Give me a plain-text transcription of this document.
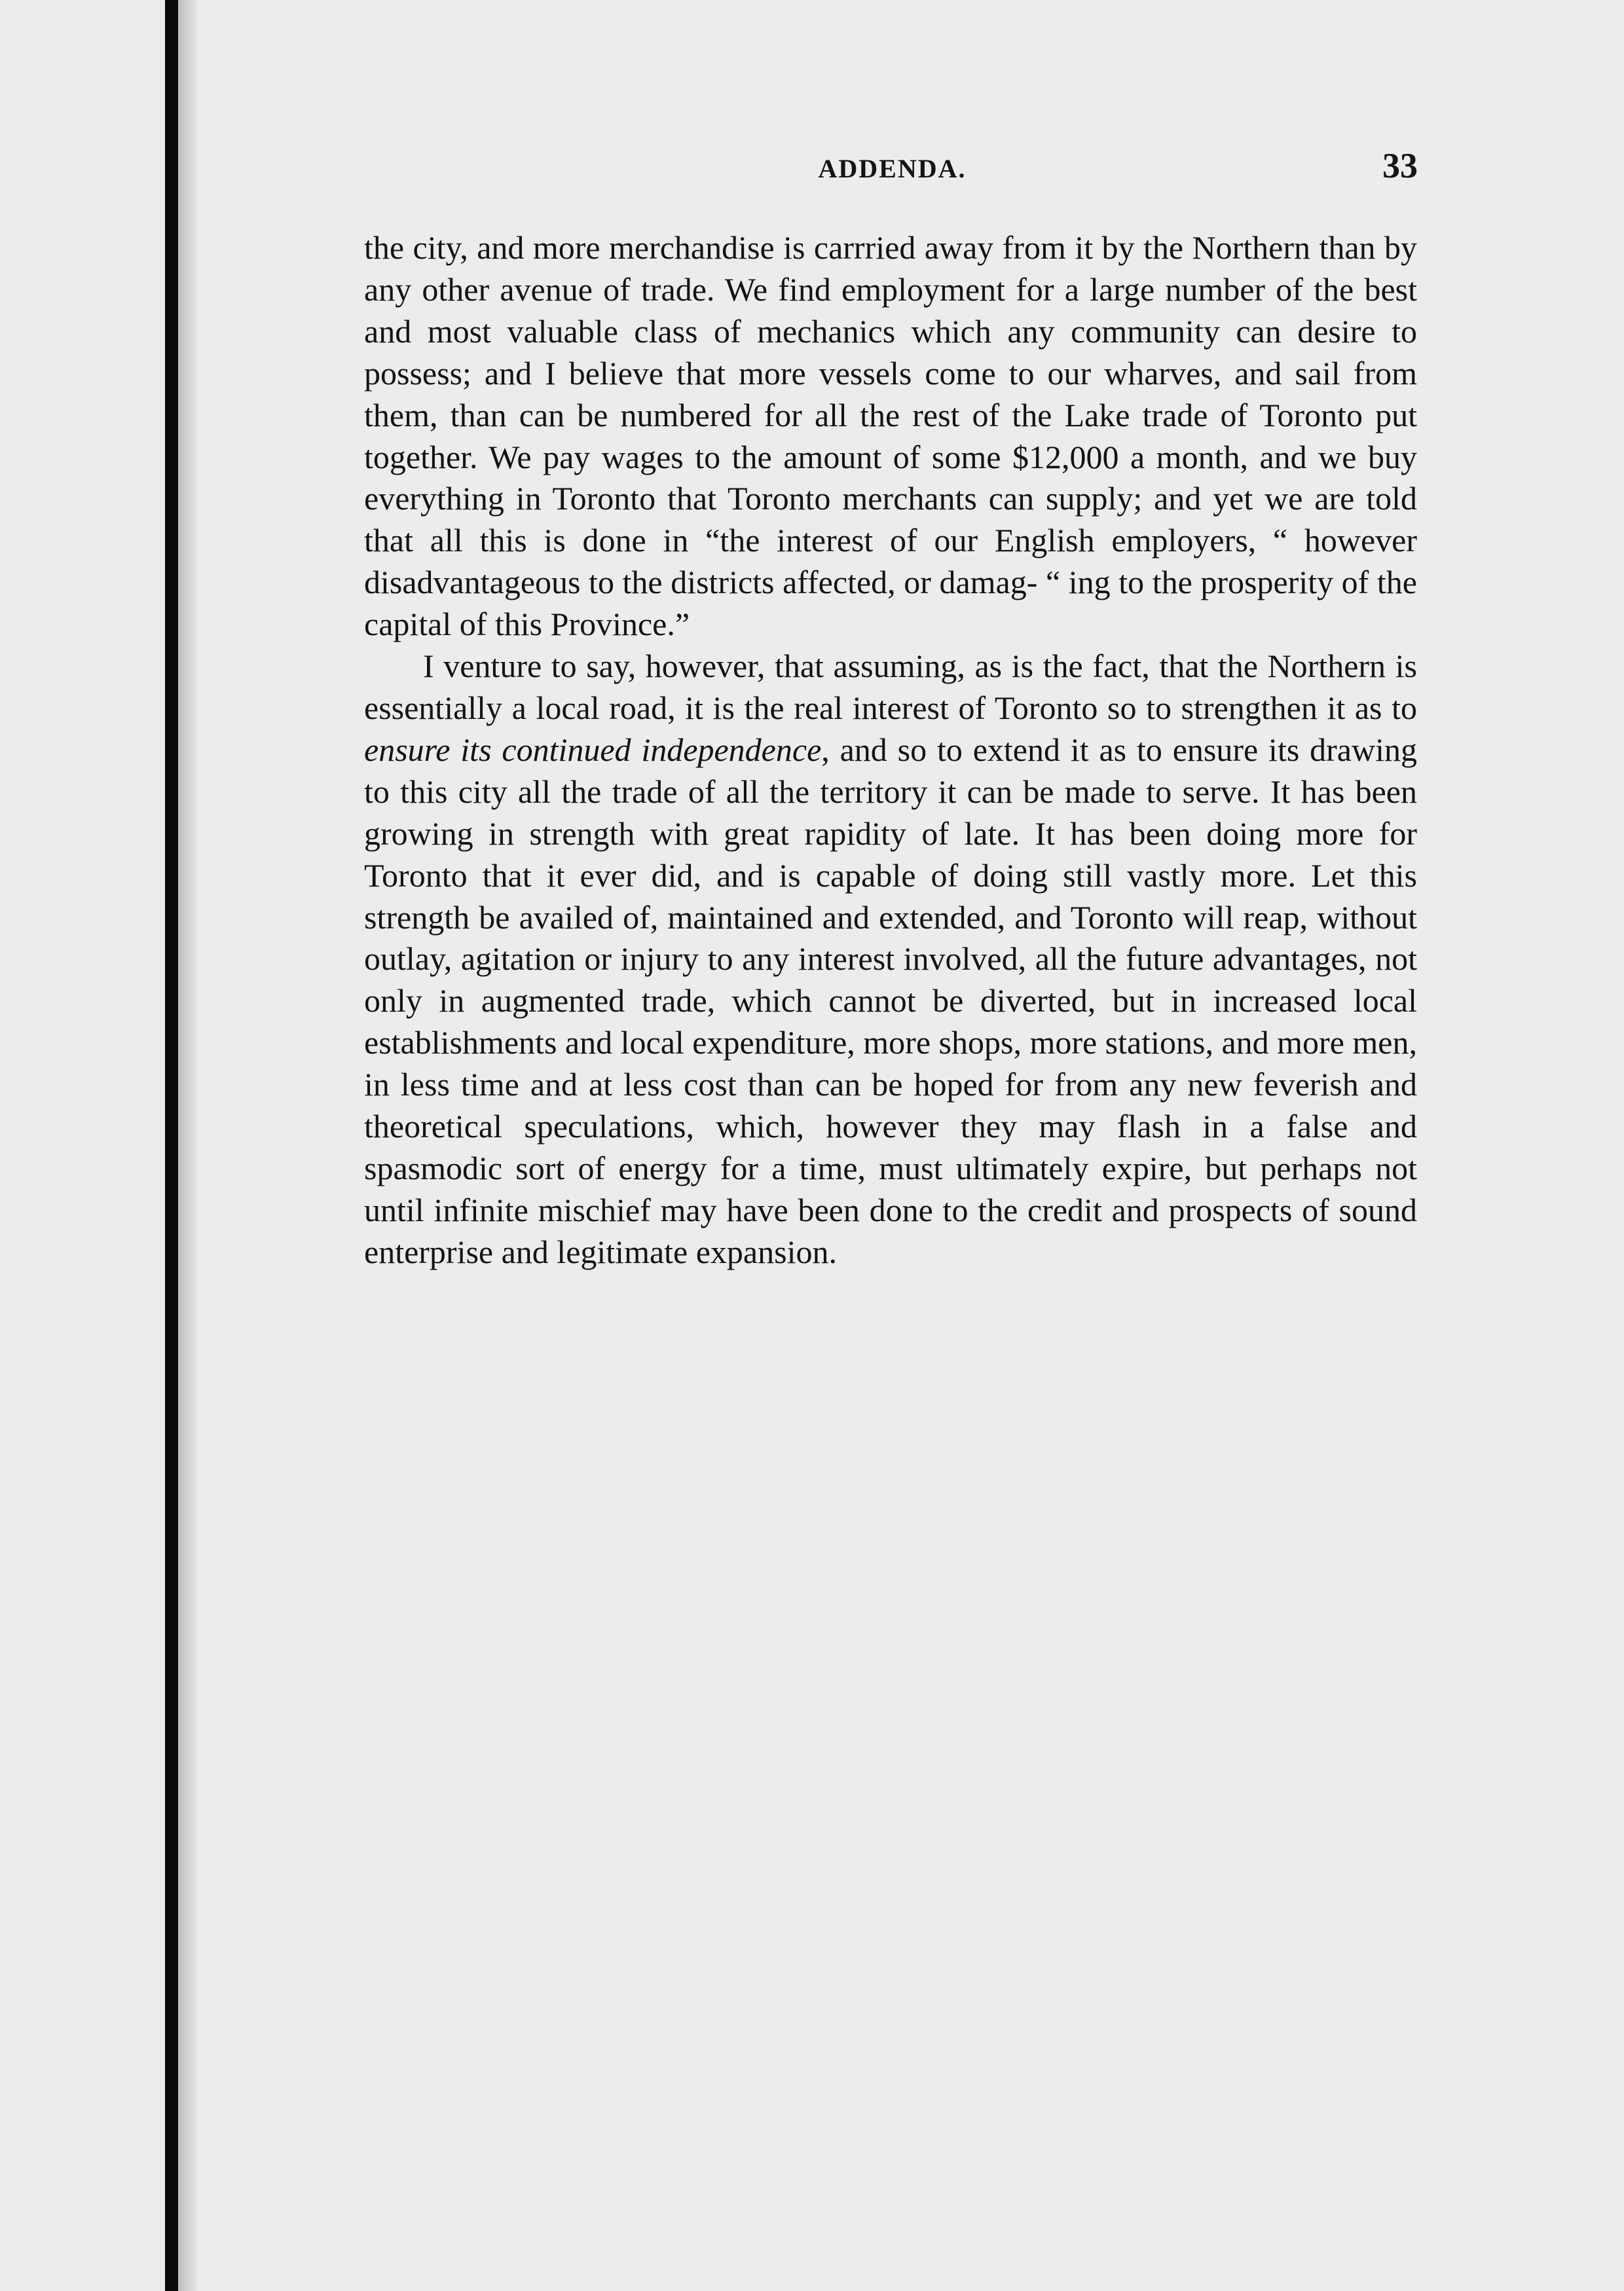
ADDENDA.	33

the city, and more merchandise is carrried away from it by the Northern than by any other avenue of trade. We find employment for a large number of the best and most valuable class of mechanics which any community can desire to possess; and I believe that more vessels come to our wharves, and sail from them, than can be numbered for all the rest of the Lake trade of Toronto put together. We pay wages to the amount of some $12,000 a month, and we buy everything in Toronto that Toronto merchants can supply; and yet we are told that all this is done in “the interest of our English employers, “ however disadvantageous to the districts affected, or damag- “ ing to the prosperity of the capital of this Province.”

I venture to say, however, that assuming, as is the fact, that the Northern is essentially a local road, it is the real interest of Toronto so to strengthen it as to ensure its continued independence, and so to extend it as to ensure its drawing to this city all the trade of all the territory it can be made to serve. It has been growing in strength with great rapidity of late. It has been doing more for Toronto that it ever did, and is capable of doing still vastly more. Let this strength be availed of, maintained and extended, and Toronto will reap, without outlay, agitation or injury to any interest involved, all the future advantages, not only in augmented trade, which cannot be diverted, but in increased local establishments and local expenditure, more shops, more stations, and more men, in less time and at less cost than can be hoped for from any new feverish and theoretical speculations, which, however they may flash in a false and spasmodic sort of energy for a time, must ultimately expire, but perhaps not until infinite mischief may have been done to the credit and prospects of sound enterprise and legitimate expansion.
